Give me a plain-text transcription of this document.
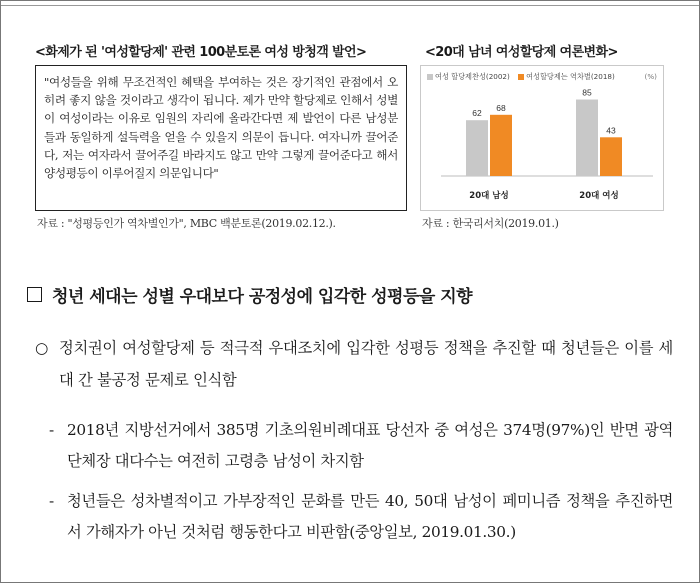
<화제가 된 '여성할당제' 관련 100분토론 여성 방청객 발언>	<20대 남녀 여성할당제 여론변화>

"여성들을 위해 무조건적인 혜택을 부여하는 것은 장기적인 관점에서 오히려 좋지 않을 것이라고 생각이 됩니다. 제가 만약 할당제로 인해서 성별이 여성이라는 이유로 임원의 자리에 올라간다면 제 발언이 다른 남성분들과 동일하게 설득력을 얻을 수 있을지 의문이 듭니다. 여자니까 끌어준다, 저는 여자라서 끌어주길 바라지도 않고 만약 그렇게 끌어준다고 해서 양성평등이 이루어질지 의문입니다"

여성 할당제찬성(2002) 여성할당제는 역차별(2018)	(%)
62
68
20대 남성
85
43
20대 여성
자료 : "성평등인가 역차별인가", MBC 백분토론(2019.02.12.).	자료 : 한국리서치(2019.01.)
청년 세대는 성별 우대보다 공정성에 입각한 성평등을 지향
○ 정치권이 여성할당제 등 적극적 우대조치에 입각한 성평등 정책을 추진할 때 청년들은 이를 세대 간 불공정 문제로 인식함
- 2018년 지방선거에서 385명 기초의원비례대표 당선자 중 여성은 374명(97%)인 반면 광역단체장 대다수는 여전히 고령층 남성이 차지함
- 청년들은 성차별적이고 가부장적인 문화를 만든 40, 50대 남성이 페미니즘 정책을 추진하면서 가해자가 아닌 것처럼 행동한다고 비판함(중앙일보, 2019.01.30.)
